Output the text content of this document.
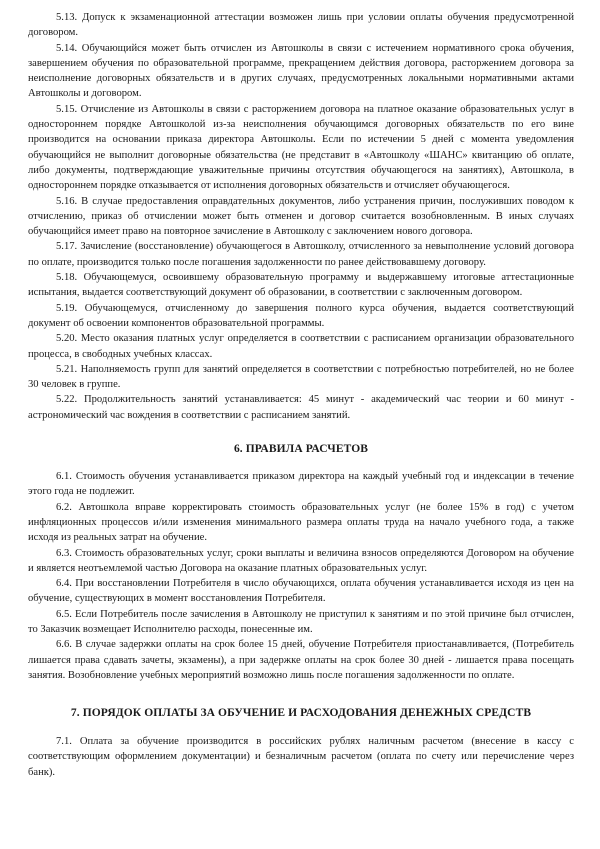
5.13. Допуск к экзаменационной аттестации возможен лишь при условии оплаты обучения предусмотренной договором.

5.14. Обучающийся может быть отчислен из Автошколы в связи с истечением нормативного срока обучения, завершением обучения по образовательной программе, прекращением действия договора, расторжением договора за неисполнение договорных обязательств и в других случаях, предусмотренных локальными нормативными актами Автошколы и договором.

5.15. Отчисление из Автошколы в связи с расторжением договора на платное оказание образовательных услуг в одностороннем порядке Автошколой из-за неисполнения обучающимся договорных обязательств по его вине производится на основании приказа директора Автошколы. Если по истечении 5 дней с момента уведомления обучающийся не выполнит договорные обязательства (не представит в «Автошколу «ШАНС» квитанцию об оплате, либо документы, подтверждающие уважительные причины отсутствия обучающегося на занятиях), Автошкола, в одностороннем порядке отказывается от исполнения договорных обязательств и отчисляет обучающегося.

5.16. В случае предоставления оправдательных документов, либо устранения причин, послуживших поводом к отчислению, приказ об отчислении может быть отменен и договор считается возобновленным. В иных случаях обучающийся имеет право на повторное зачисление в Автошколу с заключением нового договора.

5.17. Зачисление (восстановление) обучающегося в Автошколу, отчисленного за невыполнение условий договора по оплате, производится только после погашения задолженности по ранее действовавшему договору.

5.18. Обучающемуся, освоившему образовательную программу и выдержавшему итоговые аттестационные испытания, выдается соответствующий документ об образовании, в соответствии с заключенным договором.

5.19. Обучающемуся, отчисленному до завершения полного курса обучения, выдается соответствующий документ об освоении компонентов образовательной программы.

5.20. Место оказания платных услуг определяется в соответствии с расписанием организации образовательного процесса, в свободных учебных классах.

5.21. Наполняемость групп для занятий определяется в соответствии с потребностью потребителей, но не более 30 человек в группе.

5.22. Продолжительность занятий устанавливается: 45 минут - академический час теории и 60 минут - астрономический час вождения в соответствии с расписанием занятий.

6. ПРАВИЛА РАСЧЕТОВ

6.1. Стоимость обучения устанавливается приказом директора на каждый учебный год и индексации в течение этого года не подлежит.

6.2. Автошкола вправе корректировать стоимость образовательных услуг (не более 15% в год) с учетом инфляционных процессов и/или изменения минимального размера оплаты труда на начало учебного года, а также исходя из реальных затрат на обучение.

6.3. Стоимость образовательных услуг, сроки выплаты и величина взносов определяются Договором на обучение и является неотъемлемой частью Договора на оказание платных образовательных услуг.

6.4. При восстановлении Потребителя в число обучающихся, оплата обучения устанавливается исходя из цен на обучение, существующих в момент восстановления Потребителя.

6.5. Если Потребитель после зачисления в Автошколу не приступил к занятиям и по этой причине был отчислен, то Заказчик возмещает Исполнителю расходы, понесенные им.

6.6. В случае задержки оплаты на срок более 15 дней, обучение Потребителя приостанавливается, (Потребитель лишается права сдавать зачеты, экзамены), а при задержке оплаты на срок более 30 дней - лишается права посещать занятия. Возобновление учебных мероприятий возможно лишь после погашения задолженности по оплате.

7. ПОРЯДОК ОПЛАТЫ ЗА ОБУЧЕНИЕ И РАСХОДОВАНИЯ ДЕНЕЖНЫХ СРЕДСТВ

7.1. Оплата за обучение производится в российских рублях наличным расчетом (внесение в кассу с соответствующим оформлением документации) и безналичным расчетом (оплата по счету или перечисление через банк).
